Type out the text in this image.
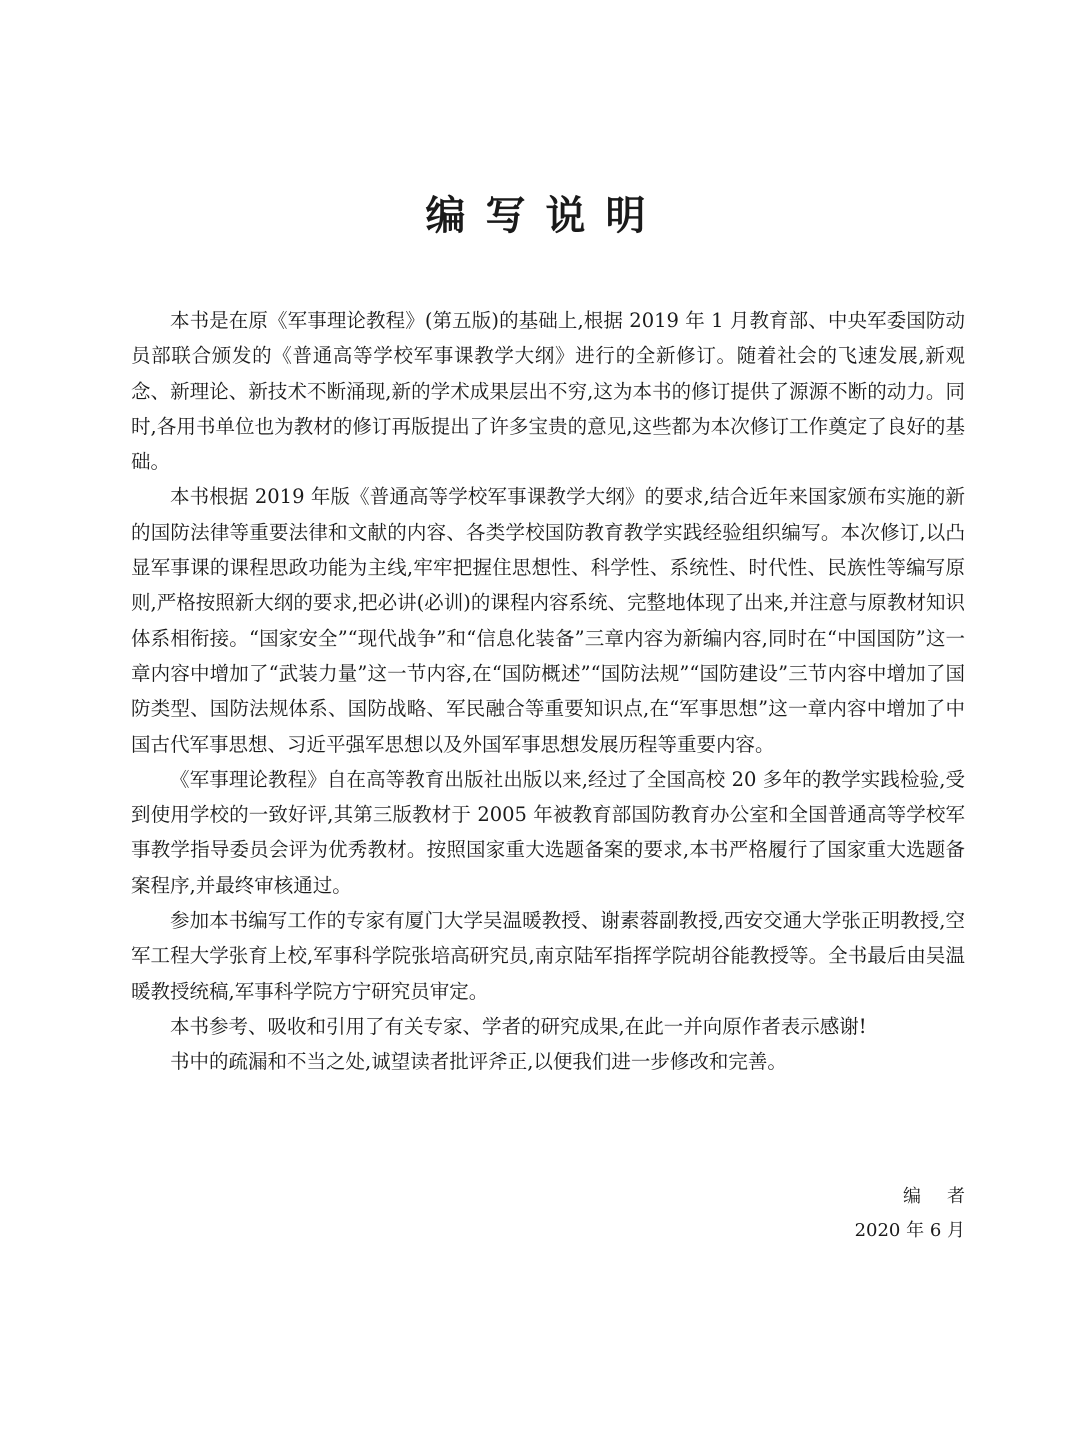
编写说明

本书是在原《军事理论教程》(第五版)的基础上,根据 2019 年 1 月教育部、中央军委国防动员部联合颁发的《普通高等学校军事课教学大纲》进行的全新修订。随着社会的飞速发展,新观念、新理论、新技术不断涌现,新的学术成果层出不穷,这为本书的修订提供了源源不断的动力。同时,各用书单位也为教材的修订再版提出了许多宝贵的意见,这些都为本次修订工作奠定了良好的基础。

本书根据 2019 年版《普通高等学校军事课教学大纲》的要求,结合近年来国家颁布实施的新的国防法律等重要法律和文献的内容、各类学校国防教育教学实践经验组织编写。本次修订,以凸显军事课的课程思政功能为主线,牢牢把握住思想性、科学性、系统性、时代性、民族性等编写原则,严格按照新大纲的要求,把必讲(必训)的课程内容系统、完整地体现了出来,并注意与原教材知识体系相衔接。“国家安全”“现代战争”和“信息化装备”三章内容为新编内容,同时在“中国国防”这一章内容中增加了“武装力量”这一节内容,在“国防概述”“国防法规”“国防建设”三节内容中增加了国防类型、国防法规体系、国防战略、军民融合等重要知识点,在“军事思想”这一章内容中增加了中国古代军事思想、习近平强军思想以及外国军事思想发展历程等重要内容。

《军事理论教程》自在高等教育出版社出版以来,经过了全国高校 20 多年的教学实践检验,受到使用学校的一致好评,其第三版教材于 2005 年被教育部国防教育办公室和全国普通高等学校军事教学指导委员会评为优秀教材。按照国家重大选题备案的要求,本书严格履行了国家重大选题备案程序,并最终审核通过。

参加本书编写工作的专家有厦门大学吴温暖教授、谢素蓉副教授,西安交通大学张正明教授,空军工程大学张育上校,军事科学院张培高研究员,南京陆军指挥学院胡谷能教授等。全书最后由吴温暖教授统稿,军事科学院方宁研究员审定。

本书参考、吸收和引用了有关专家、学者的研究成果,在此一并向原作者表示感谢!

书中的疏漏和不当之处,诚望读者批评斧正,以便我们进一步修改和完善。

编者
2020 年 6 月
